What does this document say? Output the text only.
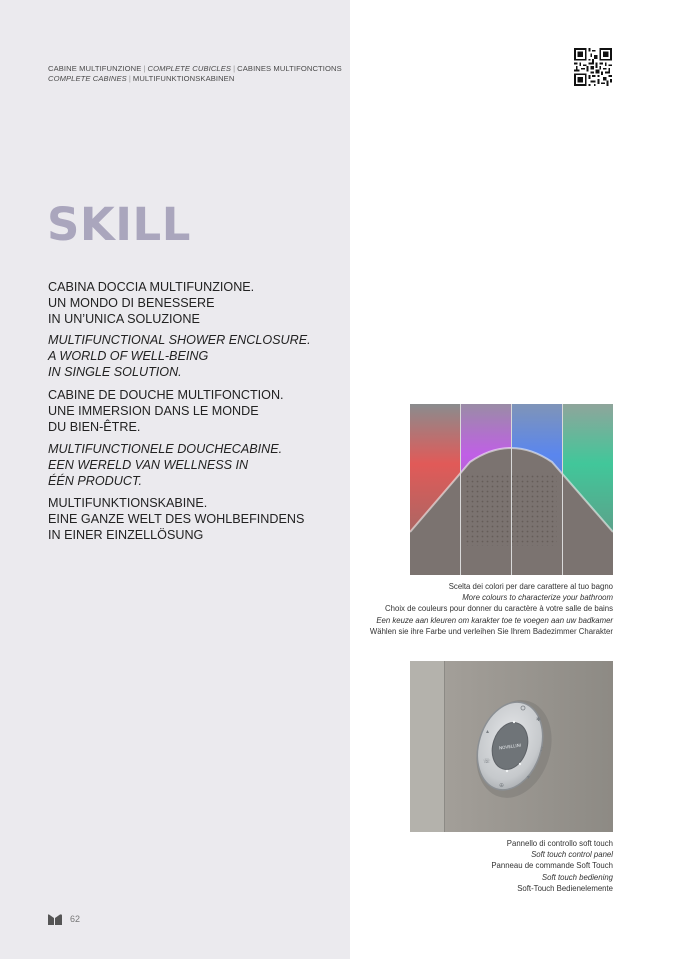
CABINE MULTIFUNZIONE | COMPLETE CUBICLES | CABINES MULTIFONCTIONS
COMPLETE CABINES | MULTIFUNKTIONSKABINEN
SKILL
CABINA DOCCIA MULTIFUNZIONE.
UN MONDO DI BENESSERE
IN UN’UNICA SOLUZIONE
MULTIFUNCTIONAL SHOWER ENCLOSURE.
A WORLD OF WELL-BEING
IN SINGLE SOLUTION.
CABINE DE DOUCHE MULTIFONCTION.
UNE IMMERSION DANS LE MONDE
DU BIEN-ÊTRE.
MULTIFUNCTIONELE DOUCHECABINE.
EEN WERELD VAN WELLNESS IN
ÉÉN PRODUCT.
MULTIFUNKTIONSKABINE.
EINE GANZE WELT DES WOHLBEFINDENS
IN EINER EINZELLÖSUNG
Scelta dei colori per dare carattere al tuo bagno
More colours to characterize your bathroom
Choix de couleurs pour donner du caractère à votre salle de bains
Een keuze aan kleuren om karakter toe te voegen aan uw badkamer
Wählen sie ihre Farbe und verleihen Sie Ihrem Badezimmer Charakter
NOVELLINI
✱
♪
▾
⊕
☏
▴
Pannello di controllo soft touch
Soft touch control panel
Panneau de commande Soft Touch
Soft touch bediening
Soft-Touch Bedienelemente
62
